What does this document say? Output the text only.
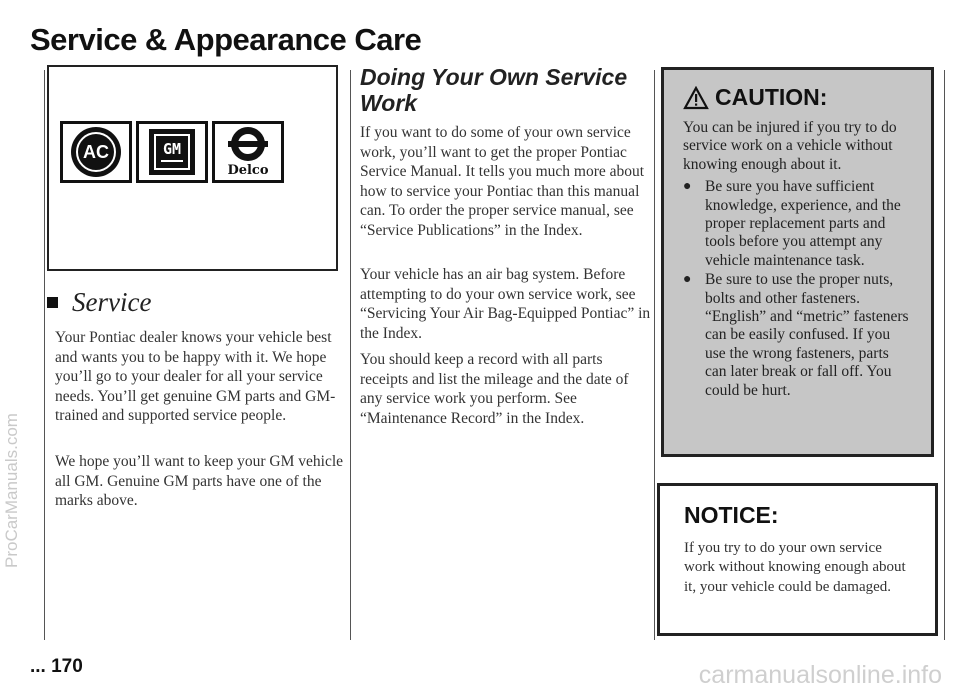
Service & Appearance Care
AC	GM
Delco
Service

Your Pontiac dealer knows your vehicle best and wants you to be happy with it. We hope you’ll go to your dealer for all your service needs. You’ll get genuine GM parts and GM-trained and supported service people.

We hope you’ll want to keep your GM vehicle all GM. Genuine GM parts have one of the marks above.

Doing Your Own Service Work

If you want to do some of your own service work, you’ll want to get the proper Pontiac Service Manual. It tells you much more about how to service your Pontiac than this manual can. To order the proper service manual, see “Service Publications” in the Index.

Your vehicle has an air bag system. Before attempting to do your own service work, see “Servicing Your Air Bag-Equipped Pontiac” in the Index.

You should keep a record with all parts receipts and list the mileage and the date of any service work you perform. See “Maintenance Record” in the Index.

CAUTION:

You can be injured if you try to do service work on a vehicle without knowing enough about it.

● Be sure you have sufficient knowledge, experience, and the proper replacement parts and tools before you attempt any vehicle maintenance task.
● Be sure to use the proper nuts, bolts and other fasteners. “English” and “metric” fasteners can be easily confused. If you use the wrong fasteners, parts can later break or fall off. You could be hurt.
NOTICE:

If you try to do your own service work without knowing enough about it, your vehicle could be damaged.

... 170
ProCarManuals.com
carmanualsonline.info
